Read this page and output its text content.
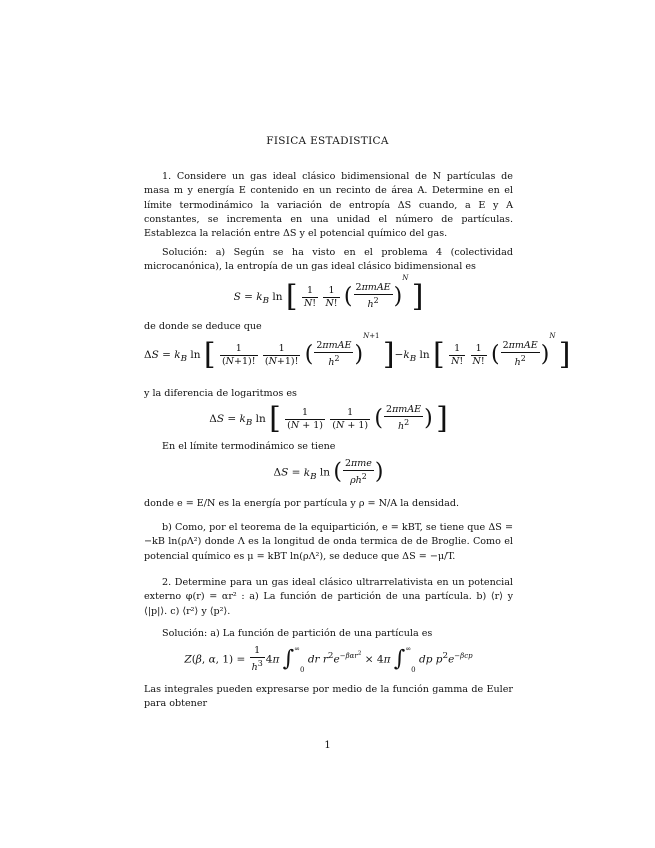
FISICA ESTADISTICA
1. Considere un gas ideal clásico bidimensional de N partículas de masa m y energía E contenido en un recinto de área A. Determine en el límite termodinámico la variación de entropía ΔS cuando, a E y A constantes, se incrementa en una unidad el número de partículas. Establezca la relación entre ΔS y el potencial químico del gas.
Solución: a) Según se ha visto en el problema 4 (colectividad microcanónica), la entropía de un gas ideal clásico bidimensional es
$S = k_B$ ln [ $\frac{1}{N!}$
$\frac{1}{N!}$ ( $\frac{\text{2πmAE}}{h^2} )^N$ ]
de donde se deduce que
$\Delta S = k_B$ ln [ $\frac{1}{(N+1)!}$
$\frac{1}{(N+1)!}$ ( $\frac{\text{2πmAE}}{h^2} )^{N+1}$ ]$-k_B$ ln [ $\frac{1}{N!}$
$\frac{1}{N!}$ ( $\frac{\text{2πmAE}}{h^2} )^N$ ]
y la diferencia de logaritmos es
$\Delta S = k_B$ ln [ $\frac{1}{(N + 1)}$
$\frac{1}{(N + 1)}$ ( $\frac{\text{2πmAE}}{h^2}$ ) ]
En el límite termodinámico se tiene
$\Delta S = k_B$ ln ( $\frac{\text{2πme}}{\rho h^2}$ )
donde e = E/N es la energía por partícula y ρ = N/A la densidad.
b) Como, por el teorema de la equipartición, e = kBT, se tiene que ΔS = −kB ln(ρΛ²) donde Λ es la longitud de onda termica de de Broglie. Como el potencial químico es μ = kBT ln(ρΛ²), se deduce que ΔS = −μ/T.
2. Determine para un gas ideal clásico ultrarrelativista en un potencial externo φ(r) = αr² : a) La función de partición de una partícula. b) ⟨r⟩ y ⟨|p|⟩. c) ⟨r²⟩ y ⟨p²⟩.
Solución: a) La función de partición de una partícula es
Z(β, α, $1) = \frac{1}{h^3} 4\pi$ ∫∞0 dr $r^2e^{-\beta\alpha r^2} \times 4\pi$ ∫∞0 dp $p^2e^{-\beta cp}$
Las integrales pueden expresarse por medio de la función gamma de Euler para obtener
1
